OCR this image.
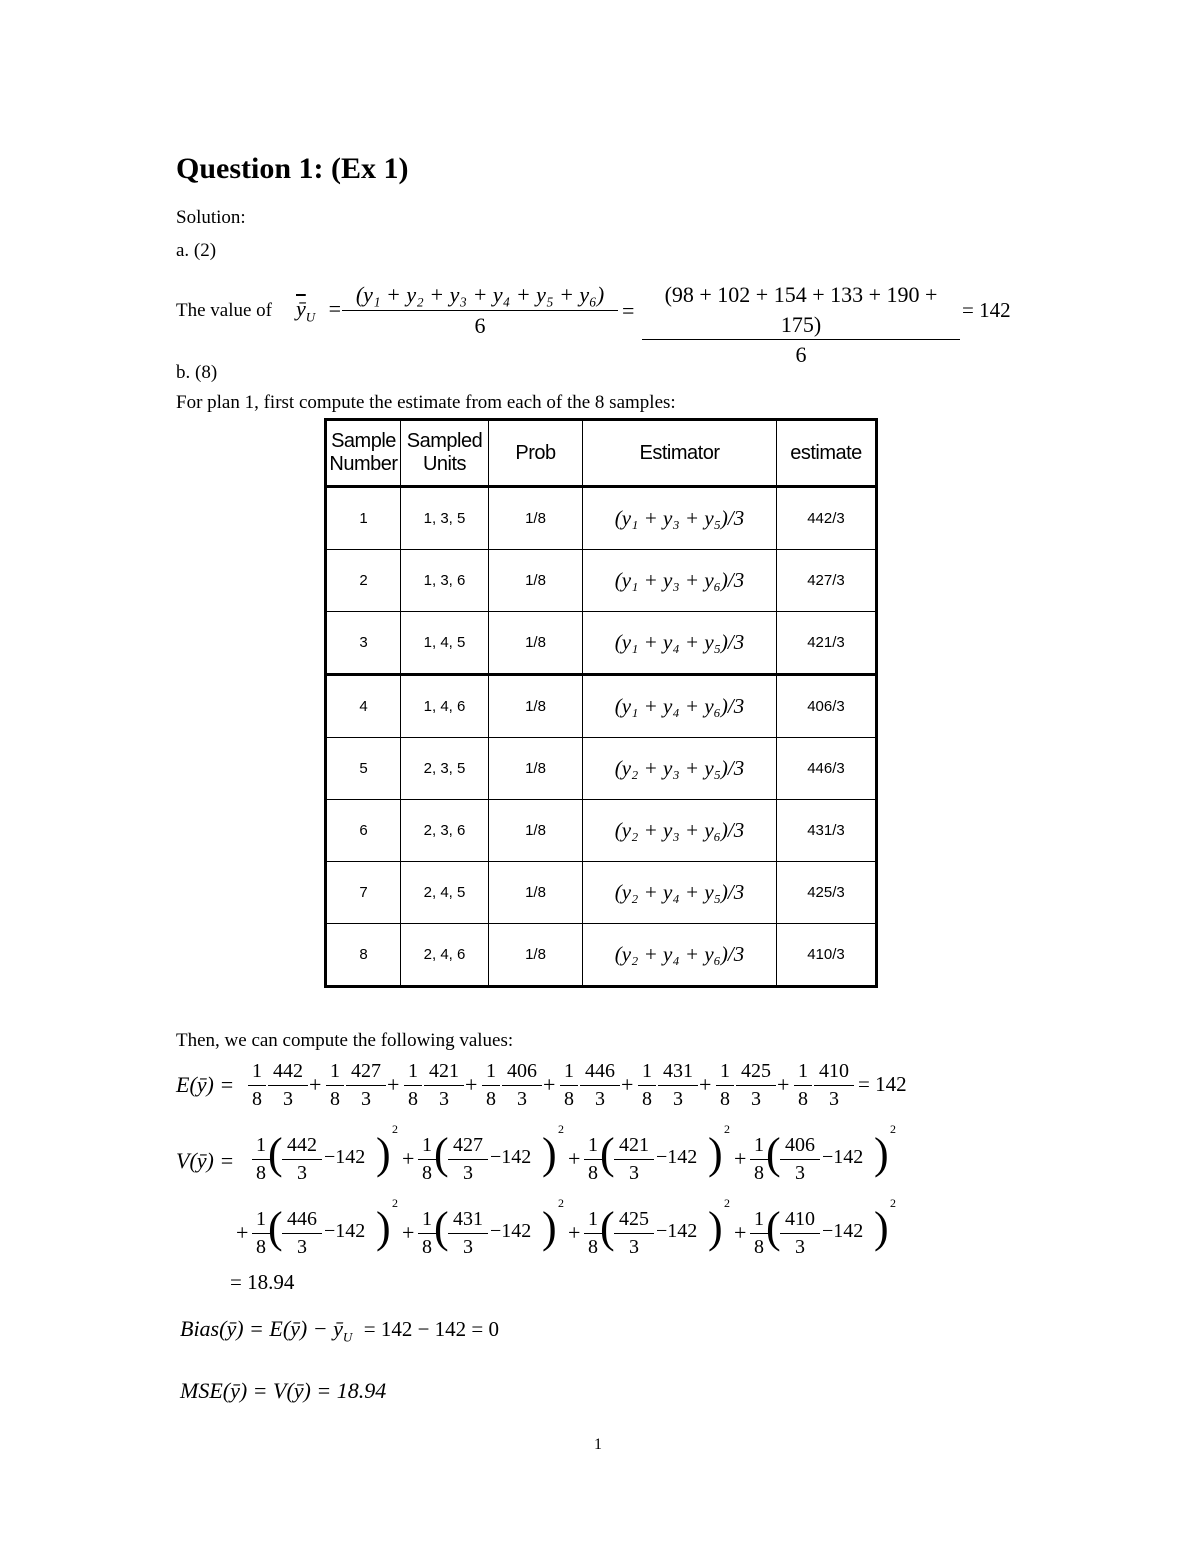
Question 1: (Ex 1)
Solution:
a. (2)
The value of $\overline{ȳ}_U = \frac{\text{(y₁ + y₂ + y₃ + y₄ + y₅ + y₆)}}{6} = \frac{(98 + 102 + 154 + 133 + 190 + 175)}{6} = 142$
b. (8)
For plan 1, first compute the estimate from each of the 8 samples:
Sample Number	Sampled Units	Prob	Estimator	estimate
1	1, 3, 5	1/8	(y₁ + y₃ + y₅)/3	442/3
2	1, 3, 6	1/8	(y₁ + y₃ + y₆)/3	427/3
3	1, 4, 5	1/8	(y₁ + y₄ + y₅)/3	421/3
4	1, 4, 6	1/8	(y₁ + y₄ + y₆)/3	406/3
5	2, 3, 5	1/8	(y₂ + y₃ + y₅)/3	446/3
6	2, 3, 6	1/8	(y₂ + y₃ + y₆)/3	431/3
7	2, 4, 5	1/8	(y₂ + y₄ + y₅)/3	425/3
8	2, 4, 6	1/8	(y₂ + y₄ + y₆)/3	410/3
Then, we can compute the following values:
E(ȳ) =	= 142
V(ȳ) =
= 18.94
Bias(ȳ) = E(ȳ) − $ȳ_U = 142 - 142 = 0$
MSE(ȳ) = V(ȳ) = 18.94
1
$\frac{1}{8} \frac{442}{3} + \frac{1}{8} \frac{427}{3} + \frac{1}{8} \frac{421}{3} + \frac{1}{8} \frac{406}{3} + \frac{1}{8} \frac{446}{3} + \frac{1}{8} \frac{431}{3} + \frac{1}{8} \frac{425}{3} + \frac{1}{8} \frac{410}{3}$
$\frac{1}{8}$
( $\frac{442}{3} -142$ ) 2
+ $\frac{1}{8}$
( $\frac{427}{3} -142$ ) 2
+ $\frac{1}{8}$
( $\frac{421}{3} -142$ ) 2
+ $\frac{1}{8}$
( $\frac{406}{3} -142$ ) 2
+ $\frac{1}{8}$
( $\frac{446}{3} -142$ ) 2
+ $\frac{1}{8}$
( $\frac{431}{3} -142$ ) 2
+ $\frac{1}{8}$
( $\frac{425}{3} -142$ ) 2
+ $\frac{1}{8}$
( $\frac{410}{3} -142$ ) 2
